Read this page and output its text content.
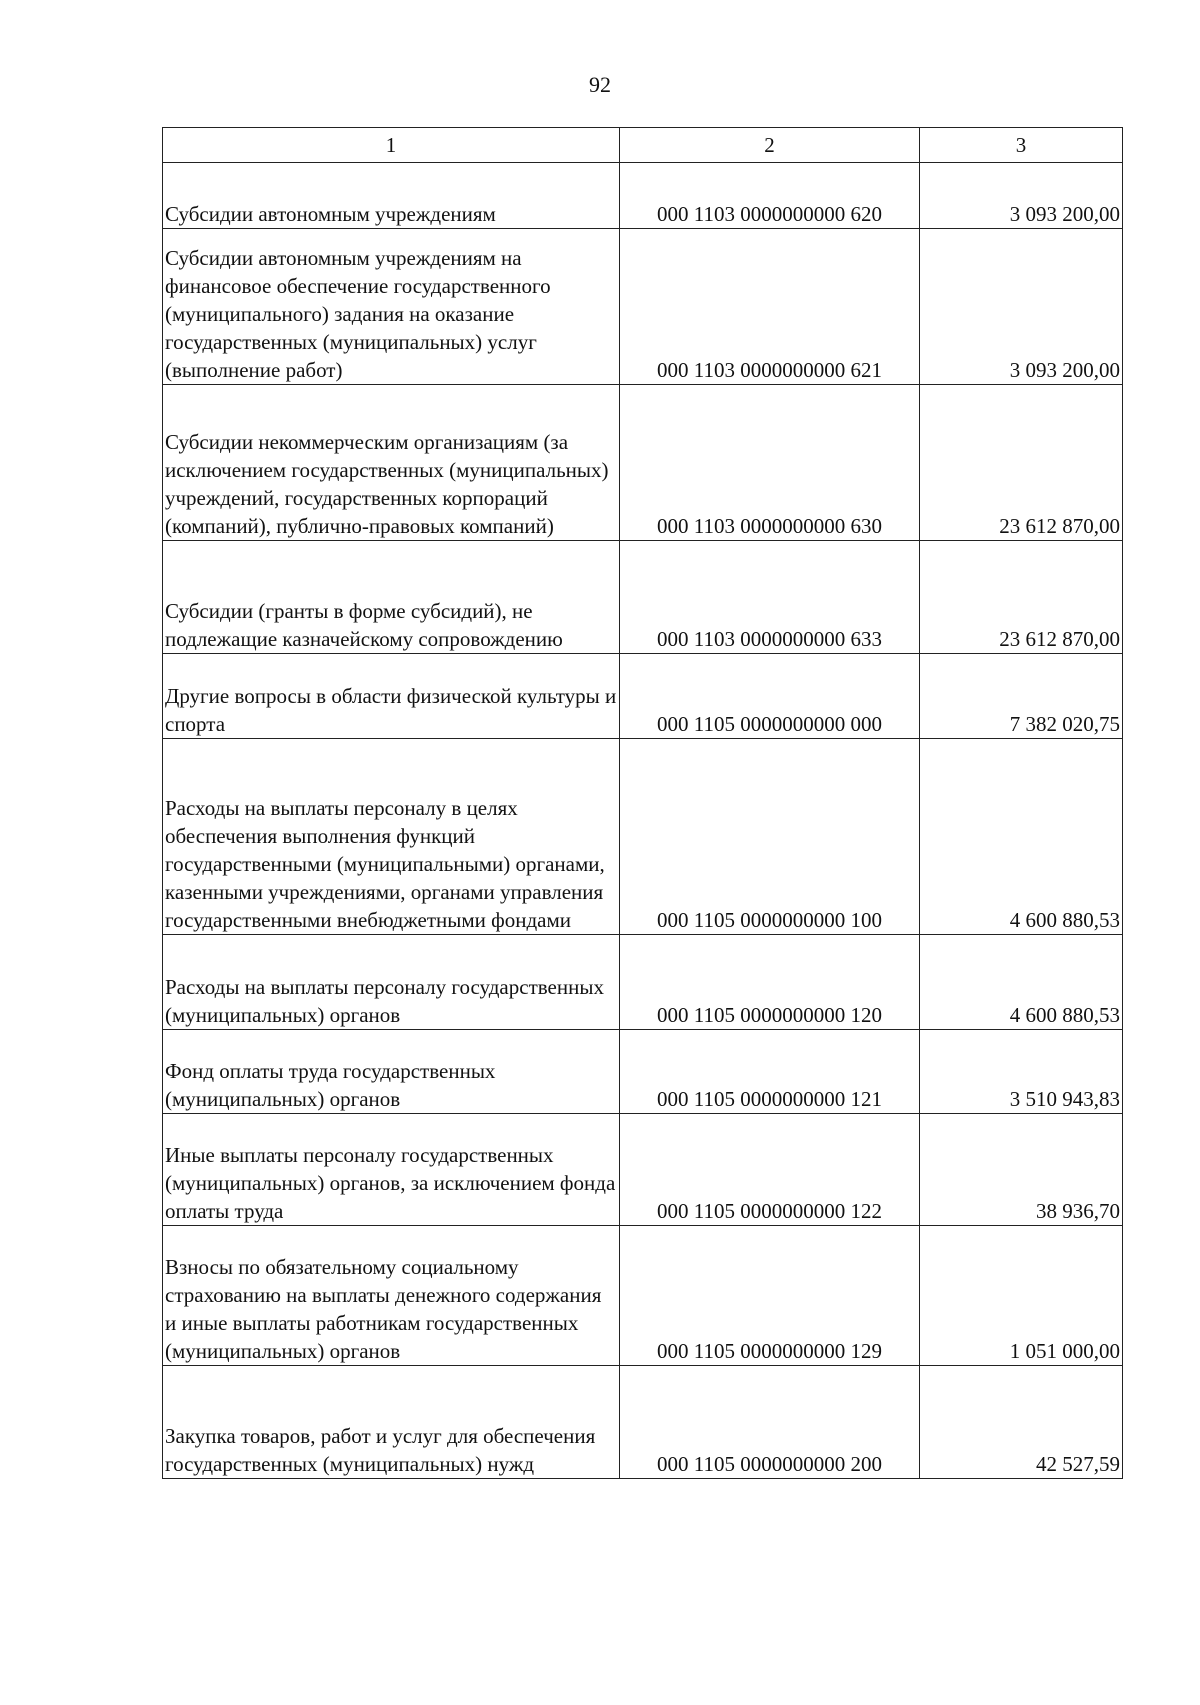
92
1	2	3
Субсидии автономным учреждениям	000 1103 0000000000 620	3 093 200,00
Субсидии автономным учреждениям на финансовое обеспечение государственного (муниципального) задания на оказание государственных (муниципальных) услуг (выполнение работ)	000 1103 0000000000 621	3 093 200,00
Субсидии некоммерческим организациям (за исключением государственных (муниципальных) учреждений, государственных корпораций (компаний), публично-правовых компаний)	000 1103 0000000000 630	23 612 870,00
Субсидии (гранты в форме субсидий), не подлежащие казначейскому сопровождению	000 1103 0000000000 633	23 612 870,00
Другие вопросы в области физической культуры и спорта	000 1105 0000000000 000	7 382 020,75
Расходы на выплаты персоналу в целях обеспечения выполнения функций государственными (муниципальными) органами, казенными учреждениями, органами управления государственными внебюджетными фондами	000 1105 0000000000 100	4 600 880,53
Расходы на выплаты персоналу государственных (муниципальных) органов	000 1105 0000000000 120	4 600 880,53
Фонд оплаты труда государственных (муниципальных) органов	000 1105 0000000000 121	3 510 943,83
Иные выплаты персоналу государственных (муниципальных) органов, за исключением фонда оплаты труда	000 1105 0000000000 122	38 936,70
Взносы по обязательному социальному страхованию на выплаты денежного содержания и иные выплаты работникам государственных (муниципальных) органов	000 1105 0000000000 129	1 051 000,00
Закупка товаров, работ и услуг для обеспечения государственных (муниципальных) нужд	000 1105 0000000000 200	42 527,59
